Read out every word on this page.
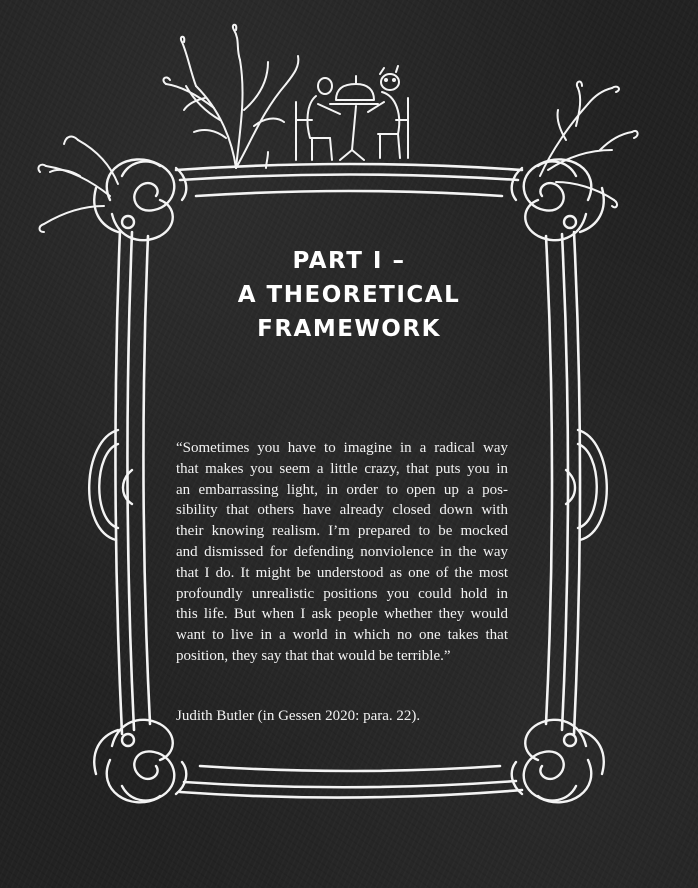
PART I –
A THEORETICAL
FRAMEWORK

“Sometimes you have to imagine in a radical way
that makes you seem a little crazy, that puts you in
an embarrassing light, in order to open up a pos-
sibility that others have already closed down with
their knowing realism. I’m prepared to be mocked
and dismissed for defending nonviolence in the way
that I do. It might be understood as one of the most
profoundly unrealistic positions you could hold in
this life. But when I ask people whether they would
want to live in a world in which no one takes that
position, they say that that would be terrible.”

Judith Butler (in Gessen 2020: para. 22).
